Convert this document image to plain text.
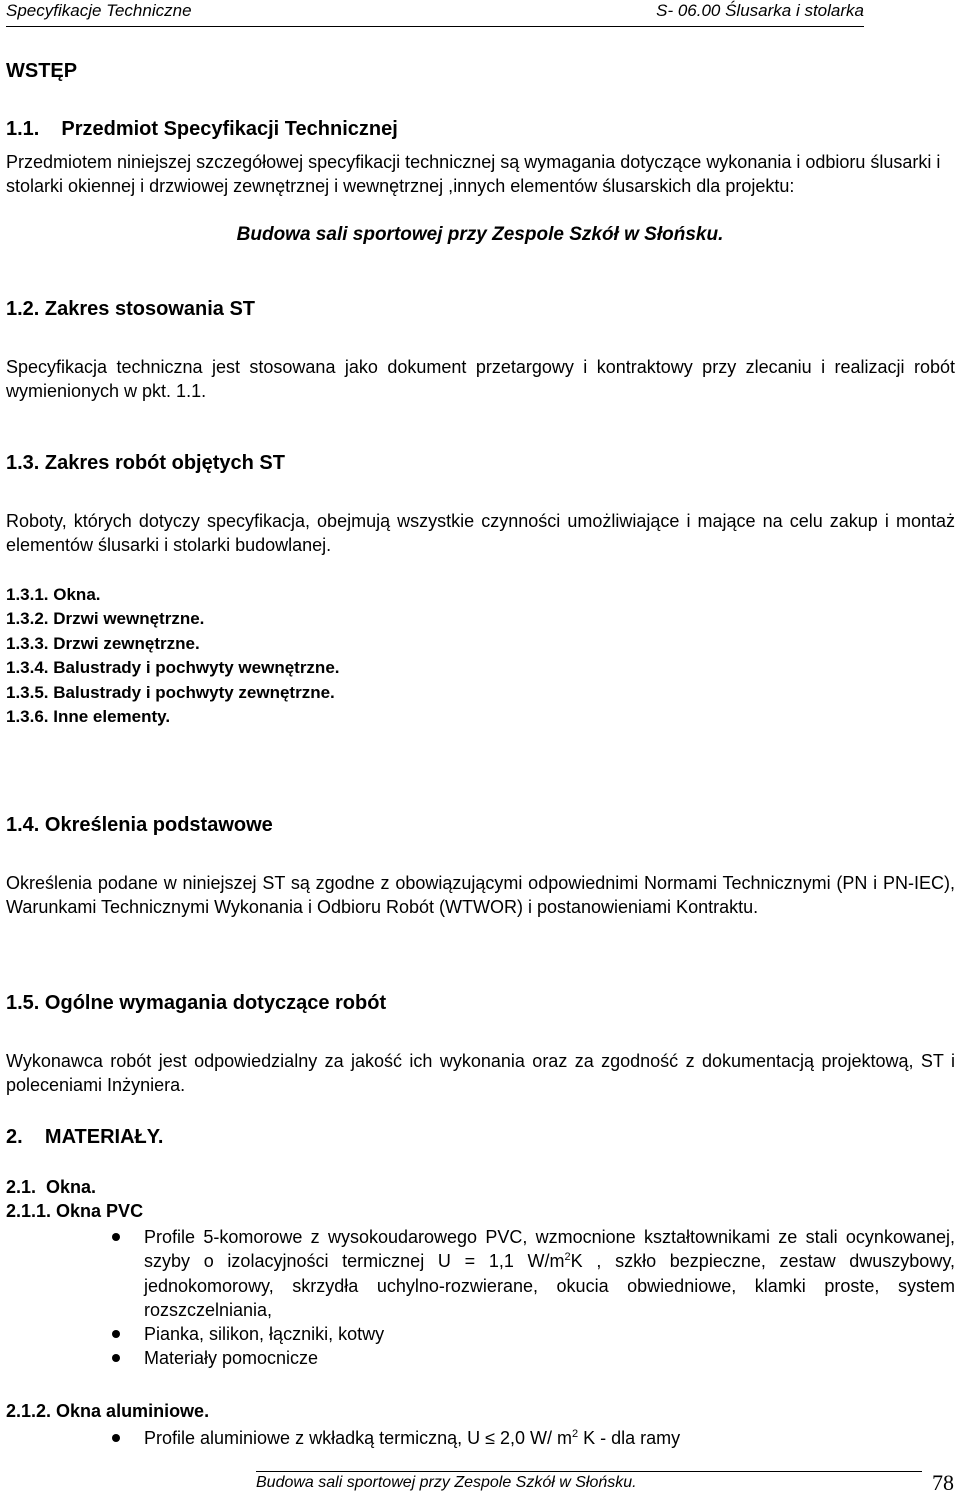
Specyfikacje Techniczne	S- 06.00 Ślusarka i stolarka
WSTĘP
1.1. Przedmiot Specyfikacji Technicznej
Przedmiotem niniejszej szczegółowej specyfikacji technicznej są wymagania dotyczące wykonania i odbioru ślusarki i stolarki okiennej i drzwiowej zewnętrznej i wewnętrznej ,innych elementów ślusarskich dla projektu:
Budowa sali sportowej przy Zespole Szkół w Słońsku.
1.2. Zakres stosowania ST
Specyfikacja techniczna jest stosowana jako dokument przetargowy i kontraktowy przy zlecaniu i realizacji robót wymienionych w pkt. 1.1.
1.3. Zakres robót objętych ST
Roboty, których dotyczy specyfikacja, obejmują wszystkie czynności umożliwiające i mające na celu zakup i montaż elementów ślusarki i stolarki budowlanej.
1.3.1. Okna.
1.3.2. Drzwi wewnętrzne.
1.3.3. Drzwi zewnętrzne.
1.3.4. Balustrady i pochwyty wewnętrzne.
1.3.5. Balustrady i pochwyty zewnętrzne.
1.3.6. Inne elementy.
1.4. Określenia podstawowe
Określenia podane w niniejszej ST są zgodne z obowiązującymi odpowiednimi Normami Technicznymi (PN i PN-IEC), Warunkami Technicznymi Wykonania i Odbioru Robót (WTWOR) i postanowieniami Kontraktu.
1.5. Ogólne wymagania dotyczące robót
Wykonawca robót jest odpowiedzialny za jakość ich wykonania oraz za zgodność z dokumentacją projektową, ST i poleceniami Inżyniera.
2.    MATERIAŁY.
2.1.  Okna.
2.1.1. Okna PVC
Profile 5-komorowe z wysokoudarowego PVC, wzmocnione kształtownikami ze stali ocynkowanej, szyby o izolacyjności termicznej U = 1,1 $W/m^2K$ , szkło bezpieczne, zestaw dwuszybowy, jednokomorowy, skrzydła uchylno-rozwierane, okucia obwiedniowe, klamki proste, system rozszczelniania,
Pianka, silikon, łączniki, kotwy
Materiały pomocnicze
2.1.2. Okna aluminiowe.
Profile aluminiowe z wkładką termiczną, U ≤ 2,0 W/ $m^2$ K - dla ramy
Budowa sali sportowej przy Zespole Szkół w Słońsku.	78
